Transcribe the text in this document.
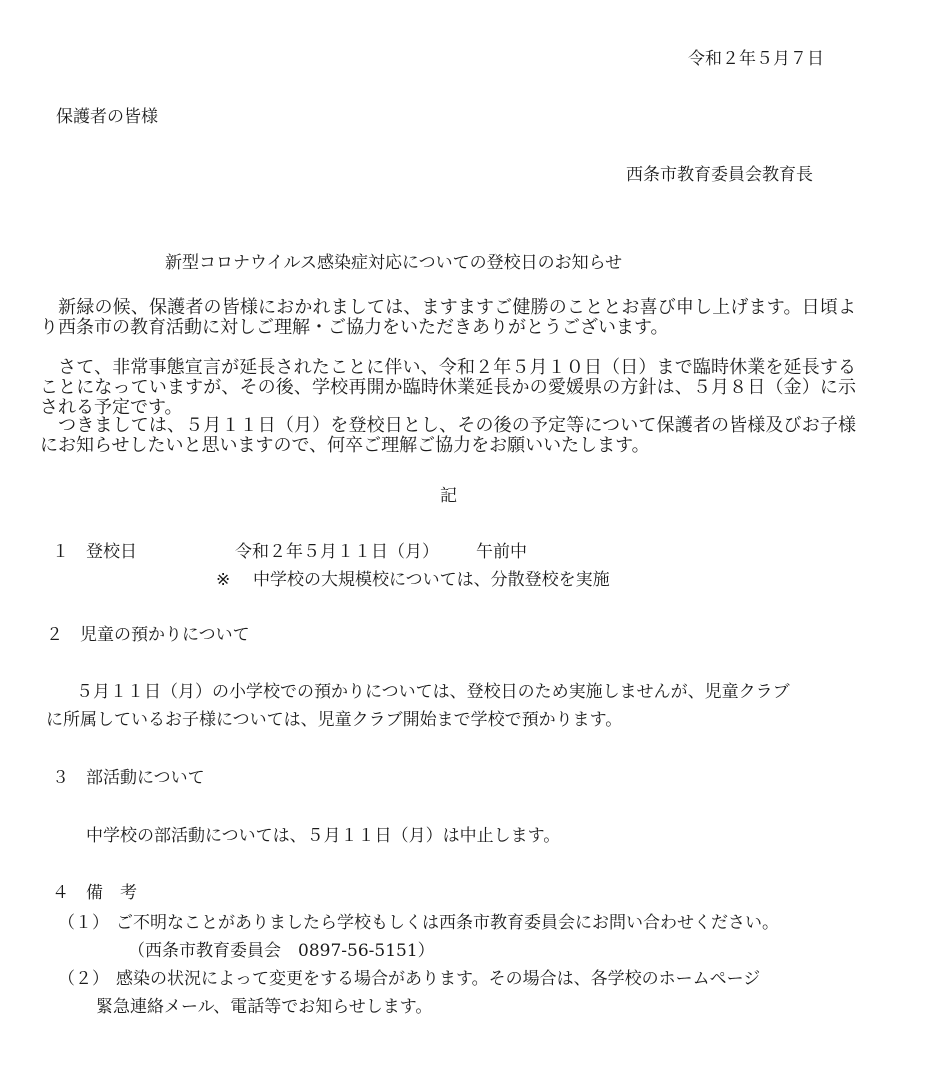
令和２年５月７日
保護者の皆様
西条市教育委員会教育長
新型コロナウイルス感染症対応についての登校日のお知らせ
　新緑の候、保護者の皆様におかれましては、ますますご健勝のこととお喜び申し上げます。日頃より西条市の教育活動に対しご理解・ご協力をいただきありがとうございます。
　さて、非常事態宣言が延長されたことに伴い、令和２年５月１０日（日）まで臨時休業を延長することになっていますが、その後、学校再開か臨時休業延長かの愛媛県の方針は、５月８日（金）に示される予定です。
　つきましては、５月１１日（月）を登校日とし、その後の予定等について保護者の皆様及びお子様にお知らせしたいと思いますので、何卒ご理解ご協力をお願いいたします。
記
１ 登校日	令和２年５月１１日（月） 午前中
※ 中学校の大規模校については、分散登校を実施
２ 児童の預かりについて
５月１１日（月）の小学校での預かりについては、登校日のため実施しませんが、児童クラブ
に所属しているお子様については、児童クラブ開始まで学校で預かります。
３ 部活動について
中学校の部活動については、５月１１日（月）は中止します。
４ 備　考
（１） ご不明なことがありましたら学校もしくは西条市教育委員会にお問い合わせください。
（西条市教育委員会　0897-56-5151）
（２） 感染の状況によって変更をする場合があります。その場合は、各学校のホームページ
緊急連絡メール、電話等でお知らせします。
